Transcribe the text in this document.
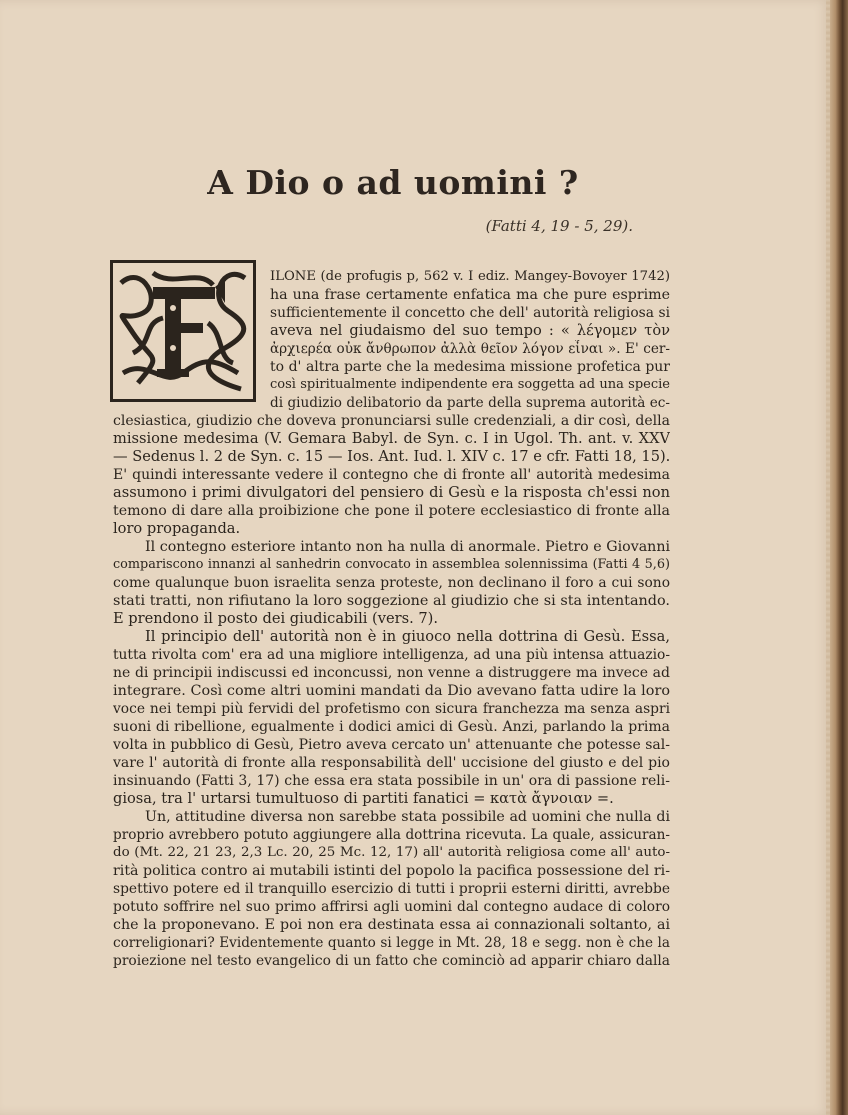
A Dio o ad uomini ?
(Fatti 4, 19 - 5, 29).
ILONE (de profugis p, 562 v. I ediz. Mangey-Bovoyer 1742)
ha una frase certamente enfatica ma che pure esprime
sufficientemente il concetto che dell' autorità religiosa si
aveva nel giudaismo del suo tempo : « λέγομεν τὸν
ἀρχιερέα οὐκ ἄνθρωπον ἀλλὰ θεῖον λόγον εἶναι ». E' cer-
to d' altra parte che la medesima missione profetica pur
così spiritualmente indipendente era soggetta ad una specie
di giudizio delibatorio da parte della suprema autorità ec-
clesiastica, giudizio che doveva pronunciarsi sulle credenziali, a dir così, della
missione medesima (V. Gemara Babyl. de Syn. c. I in Ugol. Th. ant. v. XXV
— Sedenus l. 2 de Syn. c. 15 — Ios. Ant. Iud. l. XIV c. 17 e cfr. Fatti 18, 15).
E' quindi interessante vedere il contegno che di fronte all' autorità medesima
assumono i primi divulgatori del pensiero di Gesù e la risposta ch'essi non
temono di dare alla proibizione che pone il potere ecclesiastico di fronte alla
loro propaganda.
Il contegno esteriore intanto non ha nulla di anormale. Pietro e Giovanni
compariscono innanzi al sanhedrin convocato in assemblea solennissima (Fatti 4 5,6)
come qualunque buon israelita senza proteste, non declinano il foro a cui sono
stati tratti, non rifiutano la loro soggezione al giudizio che si sta intentando.
E prendono il posto dei giudicabili (vers. 7).
Il principio dell' autorità non è in giuoco nella dottrina di Gesù. Essa,
tutta rivolta com' era ad una migliore intelligenza, ad una più intensa attuazio-
ne di principii indiscussi ed inconcussi, non venne a distruggere ma invece ad
integrare. Così come altri uomini mandati da Dio avevano fatta udire la loro
voce nei tempi più fervidi del profetismo con sicura franchezza ma senza aspri
suoni di ribellione, egualmente i dodici amici di Gesù. Anzi, parlando la prima
volta in pubblico di Gesù, Pietro aveva cercato un' attenuante che potesse sal-
vare l' autorità di fronte alla responsabilità dell' uccisione del giusto e del pio
insinuando (Fatti 3, 17) che essa era stata possibile in un' ora di passione reli-
giosa, tra l' urtarsi tumultuoso di partiti fanatici = κατὰ ἄγνοιαν =.
Un, attitudine diversa non sarebbe stata possibile ad uomini che nulla di
proprio avrebbero potuto aggiungere alla dottrina ricevuta. La quale, assicuran-
do (Mt. 22, 21 23, 2,3 Lc. 20, 25 Mc. 12, 17) all' autorità religiosa come all' auto-
rità politica contro ai mutabili istinti del popolo la pacifica possessione del ri-
spettivo potere ed il tranquillo esercizio di tutti i proprii esterni diritti, avrebbe
potuto soffrire nel suo primo affrirsi agli uomini dal contegno audace di coloro
che la proponevano. E poi non era destinata essa ai connazionali soltanto, ai
correligionari? Evidentemente quanto si legge in Mt. 28, 18 e segg. non è che la
proiezione nel testo evangelico di un fatto che cominciò ad apparir chiaro dalla
